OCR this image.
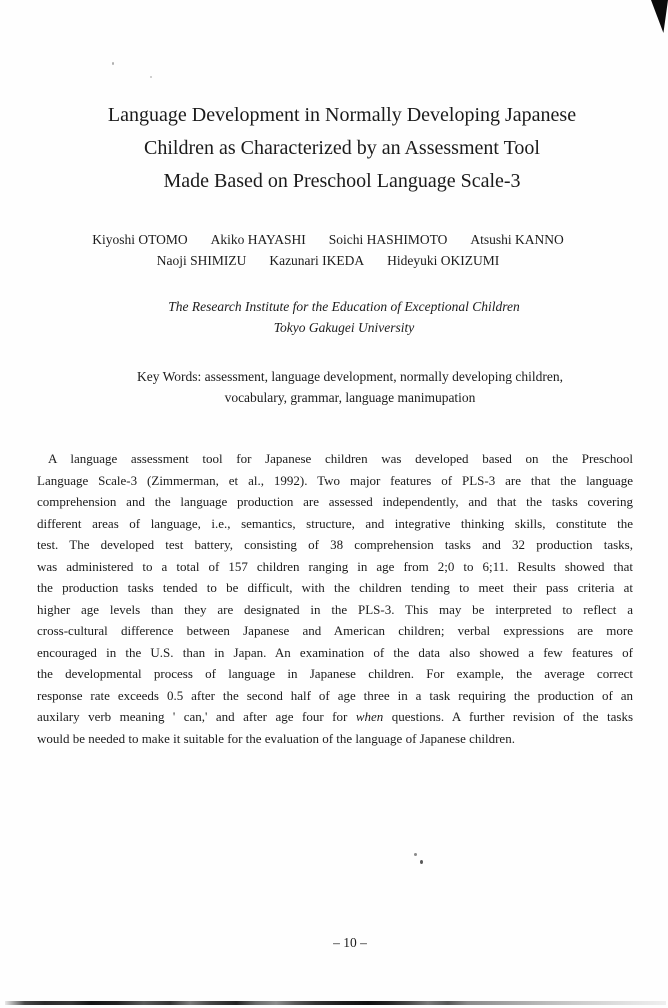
Language Development in Normally Developing Japanese
Children as Characterized by an Assessment Tool
Made Based on Preschool Language Scale-3
Kiyoshi OTOMO Akiko HAYASHI Soichi HASHIMOTO Atsushi KANNO
Naoji SHIMIZU Kazunari IKEDA Hideyuki OKIZUMI
The Research Institute for the Education of Exceptional Children
Tokyo Gakugei University
Key Words: assessment, language development, normally developing children,
vocabulary, grammar, language manimupation
A language assessment tool for Japanese children was developed based on the Preschool
Language Scale-3 (Zimmerman, et al., 1992). Two major features of PLS-3 are that the language
comprehension and the language production are assessed independently, and that the tasks covering
different areas of language, i.e., semantics, structure, and integrative thinking skills, constitute the
test. The developed test battery, consisting of 38 comprehension tasks and 32 production tasks,
was administered to a total of 157 children ranging in age from 2;0 to 6;11. Results showed that
the production tasks tended to be difficult, with the children tending to meet their pass criteria at
higher age levels than they are designated in the PLS-3. This may be interpreted to reflect a
cross-cultural difference between Japanese and American children; verbal expressions are more
encouraged in the U.S. than in Japan. An examination of the data also showed a few features of
the developmental process of language in Japanese children. For example, the average correct
response rate exceeds 0.5 after the second half of age three in a task requiring the production of an
auxilary verb meaning ' can,' and after age four for when questions. A further revision of the tasks
would be needed to make it suitable for the evaluation of the language of Japanese children.
– 10 –
